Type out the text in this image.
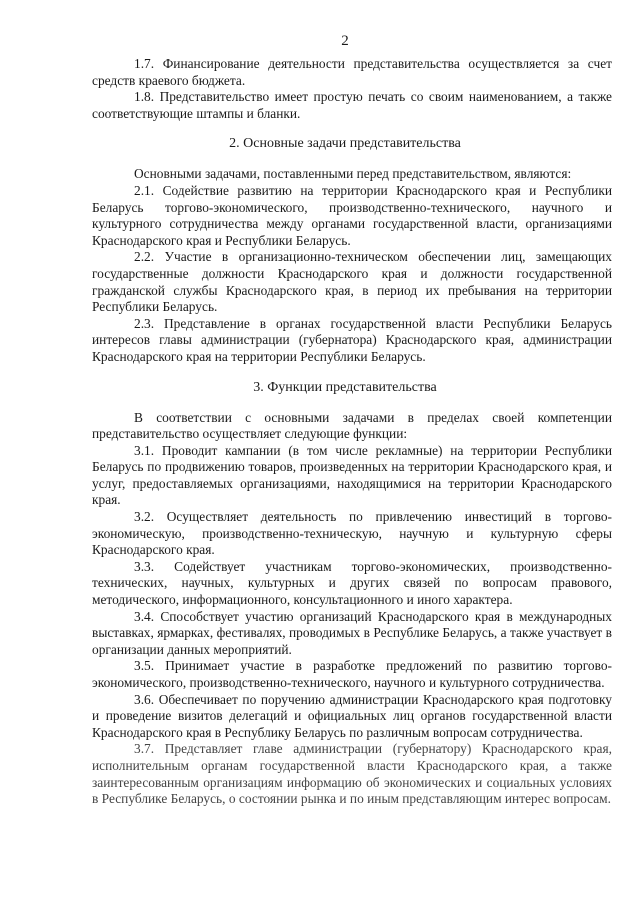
2

1.7. Финансирование деятельности представительства осуществляется за счет средств краевого бюджета.

1.8. Представительство имеет простую печать со своим наименованием, а также соответствующие штампы и бланки.

2. Основные задачи представительства

Основными задачами, поставленными перед представительством, являются:

2.1. Содействие развитию на территории Краснодарского края и Республики Беларусь торгово-экономического, производственно-технического, научного и культурного сотрудничества между органами государственной власти, организациями Краснодарского края и Республики Беларусь.

2.2. Участие в организационно-техническом обеспечении лиц, замещающих государственные должности Краснодарского края и должности государственной гражданской службы Краснодарского края, в период их пребывания на территории Республики Беларусь.

2.3. Представление в органах государственной власти Республики Беларусь интересов главы администрации (губернатора) Краснодарского края, администрации Краснодарского края на территории Республики Беларусь.

3. Функции представительства

В соответствии с основными задачами в пределах своей компетенции представительство осуществляет следующие функции:

3.1. Проводит кампании (в том числе рекламные) на территории Республики Беларусь по продвижению товаров, произведенных на территории Краснодарского края, и услуг, предоставляемых организациями, находящимися на территории Краснодарского края.

3.2. Осуществляет деятельность по привлечению инвестиций в торгово-экономическую, производственно-техническую, научную и культурную сферы Краснодарского края.

3.3. Содействует участникам торгово-экономических, производственно-технических, научных, культурных и других связей по вопросам правового, методического, информационного, консультационного и иного характера.

3.4. Способствует участию организаций Краснодарского края в международных выставках, ярмарках, фестивалях, проводимых в Республике Беларусь, а также участвует в организации данных мероприятий.

3.5. Принимает участие в разработке предложений по развитию торгово-экономического, производственно-технического, научного и культурного сотрудничества.

3.6. Обеспечивает по поручению администрации Краснодарского края подготовку и проведение визитов делегаций и официальных лиц органов государственной власти Краснодарского края в Республику Беларусь по различным вопросам сотрудничества.

3.7. Представляет главе администрации (губернатору) Краснодарского края, исполнительным органам государственной власти Краснодарского края, а также заинтересованным организациям информацию об экономических и социальных условиях в Республике Беларусь, о состоянии рынка и по иным представляющим интерес вопросам.
